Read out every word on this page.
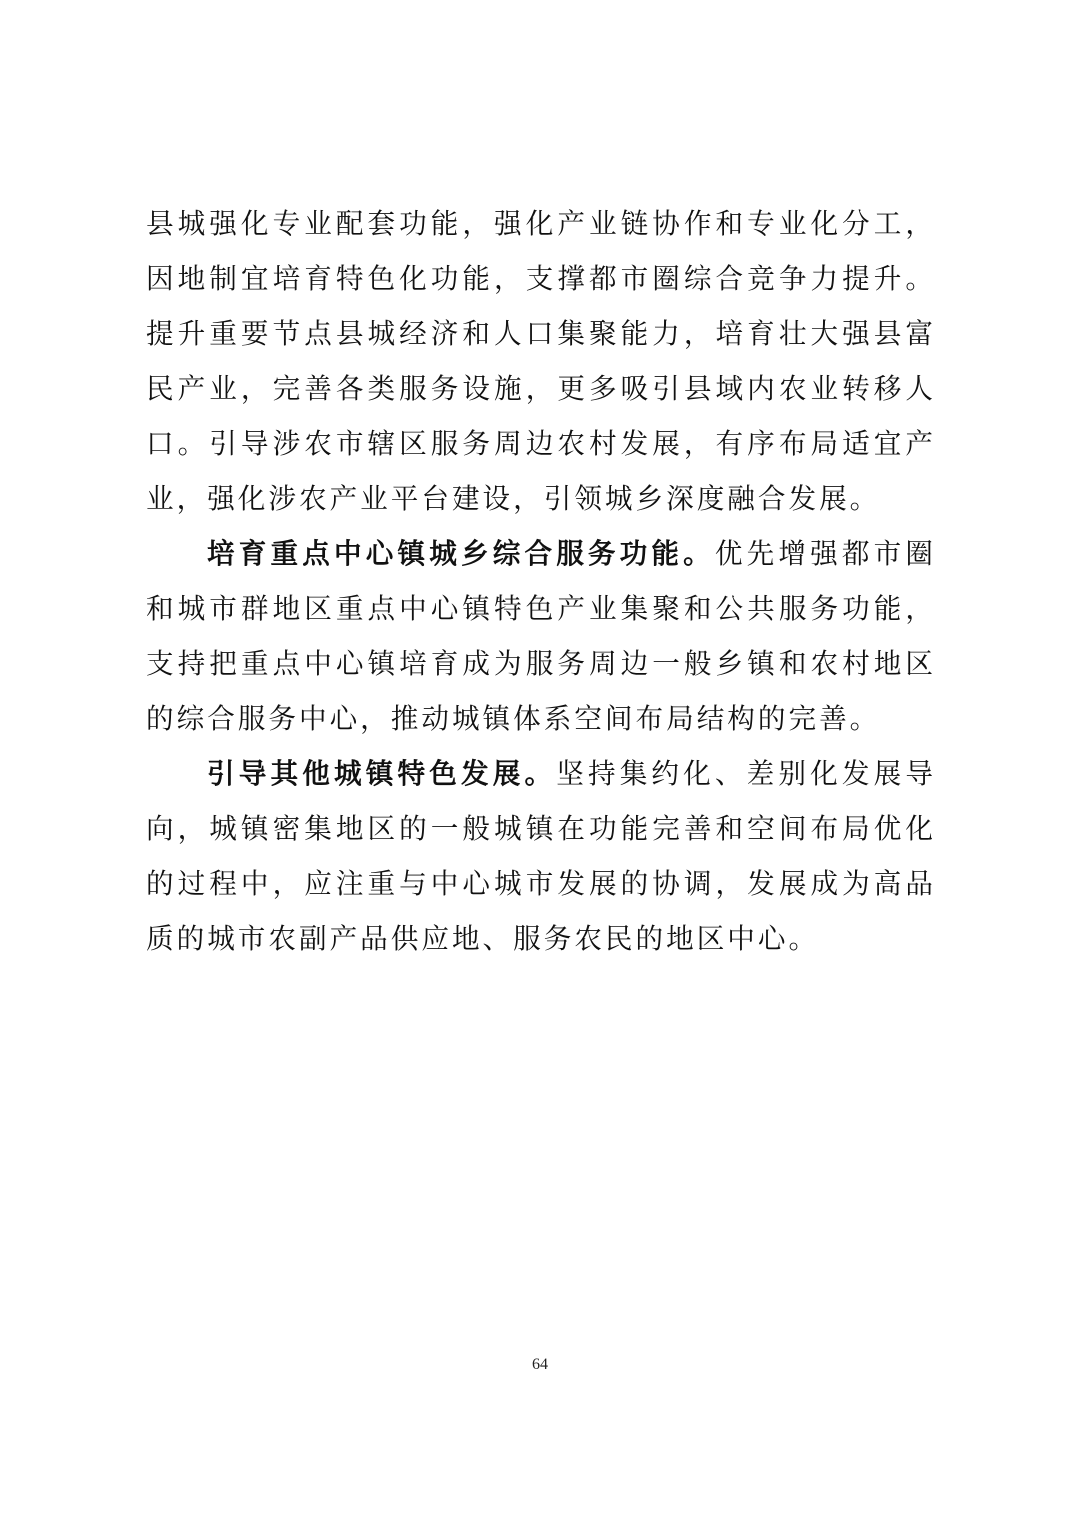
县城强化专业配套功能，强化产业链协作和专业化分工，因地制宜培育特色化功能，支撑都市圈综合竞争力提升。提升重要节点县城经济和人口集聚能力，培育壮大强县富民产业，完善各类服务设施，更多吸引县域内农业转移人口。引导涉农市辖区服务周边农村发展，有序布局适宜产业，强化涉农产业平台建设，引领城乡深度融合发展。

培育重点中心镇城乡综合服务功能。优先增强都市圈和城市群地区重点中心镇特色产业集聚和公共服务功能，支持把重点中心镇培育成为服务周边一般乡镇和农村地区的综合服务中心，推动城镇体系空间布局结构的完善。

引导其他城镇特色发展。坚持集约化、差别化发展导向，城镇密集地区的一般城镇在功能完善和空间布局优化的过程中，应注重与中心城市发展的协调，发展成为高品质的城市农副产品供应地、服务农民的地区中心。

64
